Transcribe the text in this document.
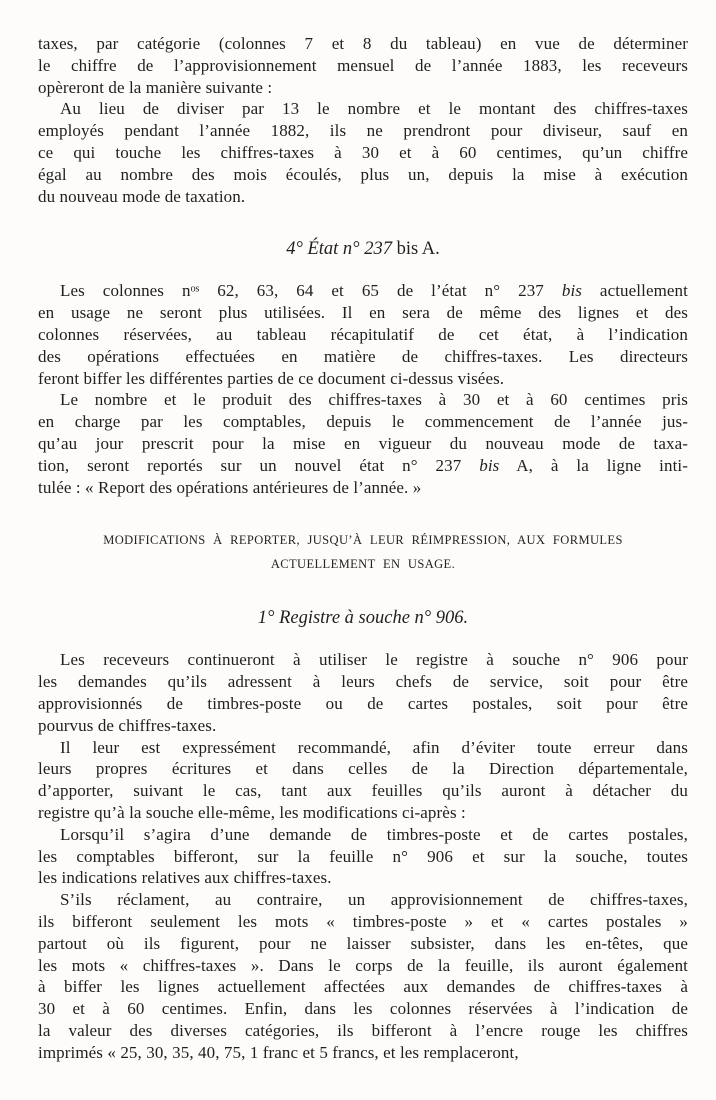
taxes, par catégorie (colonnes 7 et 8 du tableau) en vue de déterminer
le chiffre de l’approvisionnement mensuel de l’année 1883, les receveurs
opèreront de la manière suivante :
Au lieu de diviser par 13 le nombre et le montant des chiffres-taxes
employés pendant l’année 1882, ils ne prendront pour diviseur, sauf en
ce qui touche les chiffres-taxes à 30 et à 60 centimes, qu’un chiffre
égal au nombre des mois écoulés, plus un, depuis la mise à exécution
du nouveau mode de taxation.
4° État n° 237 bis A.
Les colonnes nᵒˢ 62, 63, 64 et 65 de l’état n° 237 bis actuellement
en usage ne seront plus utilisées. Il en sera de même des lignes et des
colonnes réservées, au tableau récapitulatif de cet état, à l’indication
des opérations effectuées en matière de chiffres-taxes. Les directeurs
feront biffer les différentes parties de ce document ci-dessus visées.
Le nombre et le produit des chiffres-taxes à 30 et à 60 centimes pris
en charge par les comptables, depuis le commencement de l’année jus-
qu’au jour prescrit pour la mise en vigueur du nouveau mode de taxa-
tion, seront reportés sur un nouvel état n° 237 bis A, à la ligne inti-
tulée : « Report des opérations antérieures de l’année. »
MODIFICATIONS À REPORTER, JUSQU’À LEUR RÉIMPRESSION, AUX FORMULES
ACTUELLEMENT EN USAGE.
1° Registre à souche n° 906.
Les receveurs continueront à utiliser le registre à souche n° 906 pour
les demandes qu’ils adressent à leurs chefs de service, soit pour être
approvisionnés de timbres-poste ou de cartes postales, soit pour être
pourvus de chiffres-taxes.
Il leur est expressément recommandé, afin d’éviter toute erreur dans
leurs propres écritures et dans celles de la Direction départementale,
d’apporter, suivant le cas, tant aux feuilles qu’ils auront à détacher du
registre qu’à la souche elle-même, les modifications ci-après :
Lorsqu’il s’agira d’une demande de timbres-poste et de cartes postales,
les comptables bifferont, sur la feuille n° 906 et sur la souche, toutes
les indications relatives aux chiffres-taxes.
S’ils réclament, au contraire, un approvisionnement de chiffres-taxes,
ils bifferont seulement les mots « timbres-poste » et « cartes postales »
partout où ils figurent, pour ne laisser subsister, dans les en-têtes, que
les mots « chiffres-taxes ». Dans le corps de la feuille, ils auront également
à biffer les lignes actuellement affectées aux demandes de chiffres-taxes à
30 et à 60 centimes. Enfin, dans les colonnes réservées à l’indication de
la valeur des diverses catégories, ils bifferont à l’encre rouge les chiffres
imprimés « 25, 30, 35, 40, 75, 1 franc et 5 francs, et les remplaceront,
